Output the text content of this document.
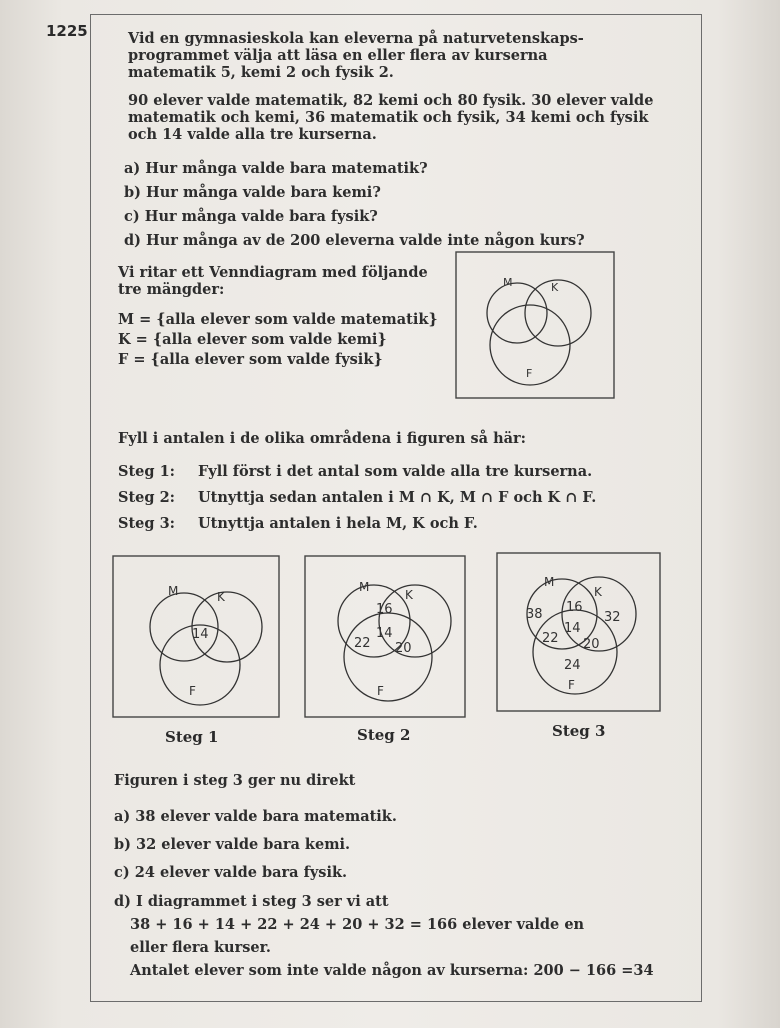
1225	Vid en gymnasieskola kan eleverna på naturvetenskaps-

programmet välja att läsa en eller flera av kurserna

matematik 5, kemi 2 och fysik 2.

90 elever valde matematik, 82 kemi och 80 fysik. 30 elever valde

matematik och kemi, 36 matematik och fysik, 34 kemi och fysik

och 14 valde alla tre kurserna.

a) Hur många valde bara matematik?

b) Hur många valde bara kemi?

c) Hur många valde bara fysik?

d) Hur många av de 200 eleverna valde inte någon kurs?

Vi ritar ett Venndiagram med följande

tre mängder:

M = {alla elever som valde matematik}

K = {alla elever som valde kemi}

F = {alla elever som valde fysik}

M	K
F
Fyll i antalen i de olika områdena i figuren så här:
Steg 1: Fyll först i det antal som valde alla tre kurserna.
Steg 2: Utnyttja sedan antalen i M ∩ K, M ∩ F och K ∩ F.
Steg 3: Utnyttja antalen i hela M, K och F.
M	K
F
14
Steg 1
M
K
F
16
14
22 20
Steg 2
M
K
F
38 16
32
14
22 20
24
Steg 3
Figuren i steg 3 ger nu direkt

a) 38 elever valde bara matematik.

b) 32 elever valde bara kemi.

c) 24 elever valde bara fysik.

d) I diagrammet i steg 3 ser vi att

38 + 16 + 14 + 22 + 24 + 20 + 32 = 166 elever valde en

eller flera kurser.

Antalet elever som inte valde någon av kurserna: 200 − 166 =34
